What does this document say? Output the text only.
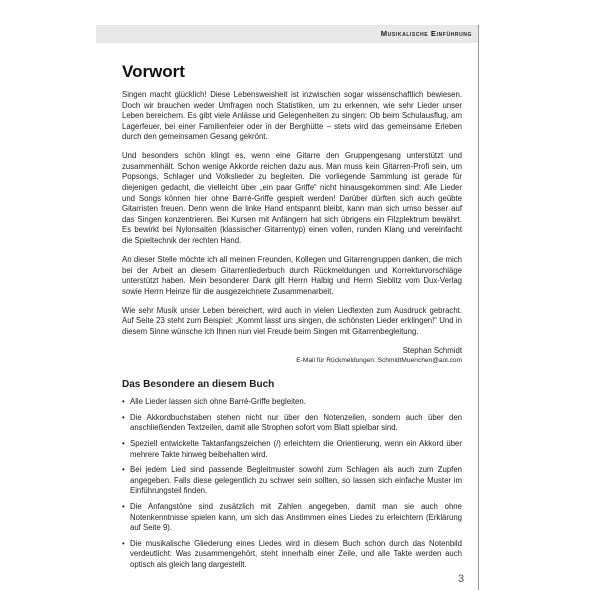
Musikalische Einführung
Vorwort

Singen macht glücklich! Diese Lebensweisheit ist inzwischen sogar wissenschaftlich bewiesen. Doch wir brauchen weder Umfragen noch Statistiken, um zu erkennen, wie sehr Lieder unser Leben bereichern. Es gibt viele Anlässe und Gelegenheiten zu singen: Ob beim Schulausflug, am Lagerfeuer, bei einer Familienfeier oder in der Berghütte – stets wird das gemeinsame Erleben durch den gemeinsamen Gesang gekrönt.

Und besonders schön klingt es, wenn eine Gitarre den Gruppengesang unterstützt und zusammenhält. Schon wenige Akkorde reichen dazu aus. Man muss kein Gitarren-Profi sein, um Popsongs, Schlager und Volkslieder zu begleiten. Die vorliegende Sammlung ist gerade für diejenigen gedacht, die vielleicht über „ein paar Griffe“ nicht hinausgekommen sind: Alle Lieder und Songs können hier ohne Barré-Griffe gespielt werden! Darüber dürften sich auch geübte Gitarristen freuen. Denn wenn die linke Hand entspannt bleibt, kann man sich umso besser auf das Singen konzentrieren. Bei Kursen mit Anfängern hat sich übrigens ein Filzplektrum bewährt. Es bewirkt bei Nylonsaiten (klassischer Gitarrentyp) einen vollen, runden Klang und vereinfacht die Spieltechnik der rechten Hand.

An dieser Stelle möchte ich all meinen Freunden, Kollegen und Gitarrengruppen danken, die mich bei der Arbeit an diesem Gitarrenliederbuch durch Rückmeldungen und Korrekturvorschläge unterstützt haben. Mein besonderer Dank gilt Herrn Halbig und Herrn Sieblitz vom Dux-Verlag sowie Herrn Heinze für die ausgezeichnete Zusammenarbeit.

Wie sehr Musik unser Leben bereichert, wird auch in vielen Liedtexten zum Ausdruck gebracht. Auf Seite 23 steht zum Beispiel: „Kommt lasst uns singen, die schönsten Lieder erklingen!“ Und in diesem Sinne wünsche ich Ihnen nun viel Freude beim Singen mit Gitarrenbegleitung.

Stephan Schmidt
E-Mail für Rückmeldungen: SchmidtMuenchen@aol.com
Das Besondere an diesem Buch
• Alle Lieder lassen sich ohne Barré-Griffe begleiten.
• Die Akkordbuchstaben stehen nicht nur über den Notenzeilen, sondern auch über den anschließenden Textzeilen, damit alle Strophen sofort vom Blatt spielbar sind.
• Speziell entwickelte Taktanfangszeichen (/) erleichtern die Orientierung, wenn ein Akkord über mehrere Takte hinweg beibehalten wird.
• Bei jedem Lied sind passende Begleitmuster sowohl zum Schlagen als auch zum Zupfen angegeben. Falls diese gelegentlich zu schwer sein sollten, so lassen sich einfache Muster im Einführungsteil finden.
• Die Anfangstöne sind zusätzlich mit Zahlen angegeben, damit man sie auch ohne Notenkenntnisse spielen kann, um sich das Anstimmen eines Liedes zu erleichtern (Erklärung auf Seite 9).
• Die musikalische Gliederung eines Liedes wird in diesem Buch schon durch das Notenbild verdeutlicht: Was zusammengehört, steht innerhalb einer Zeile, und alle Takte werden auch optisch als gleich lang dargestellt.
3
